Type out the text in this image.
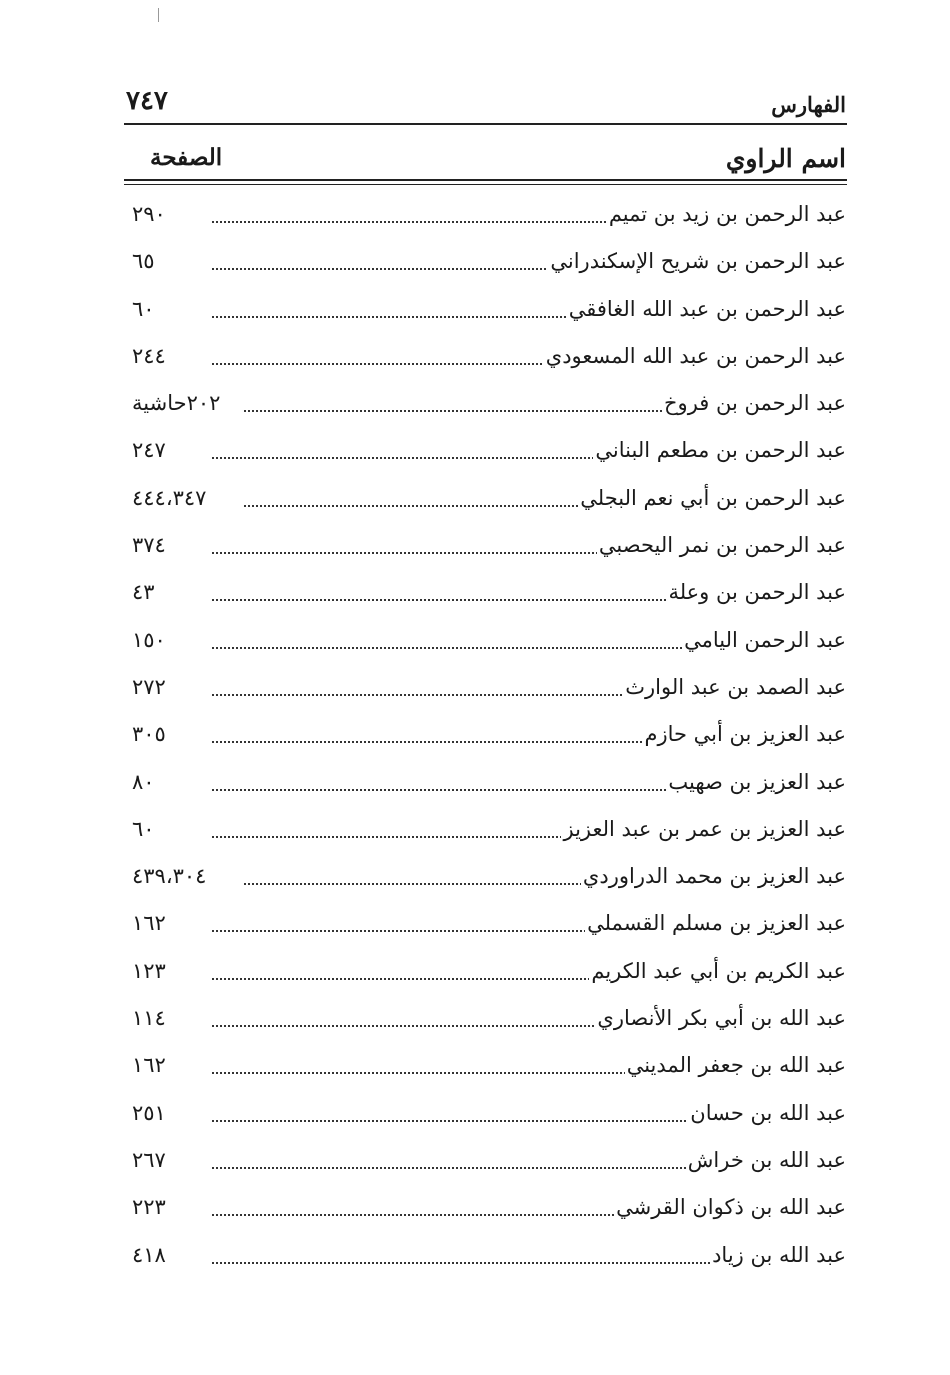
الفهارس
٧٤٧
اسم الراوي
الصفحة
عبد الرحمن بن زيد بن تميم
٢٩٠
عبد الرحمن بن شريح الإسكندراني
٦٥
عبد الرحمن بن عبد الله الغافقي
٦٠
عبد الرحمن بن عبد الله المسعودي
٢٤٤
عبد الرحمن بن فروخ
٢٠٢حاشية
عبد الرحمن بن مطعم البناني
٢٤٧
عبد الرحمن بن أبي نعم البجلي
٤٤٤،٣٤٧
عبد الرحمن بن نمر اليحصبي
٣٧٤
عبد الرحمن بن وعلة
٤٣
عبد الرحمن اليامي
١٥٠
عبد الصمد بن عبد الوارث
٢٧٢
عبد العزيز بن أبي حازم
٣٠٥
عبد العزيز بن صهيب
٨٠
عبد العزيز بن عمر بن عبد العزيز
٦٠
عبد العزيز بن محمد الدراوردي
٤٣٩،٣٠٤
عبد العزيز بن مسلم القسملي
١٦٢
عبد الكريم بن أبي عبد الكريم
١٢٣
عبد الله بن أبي بكر الأنصاري
١١٤
عبد الله بن جعفر المديني
١٦٢
عبد الله بن حسان
٢٥١
عبد الله بن خراش
٢٦٧
عبد الله بن ذكوان القرشي
٢٢٣
عبد الله بن زياد
٤١٨
